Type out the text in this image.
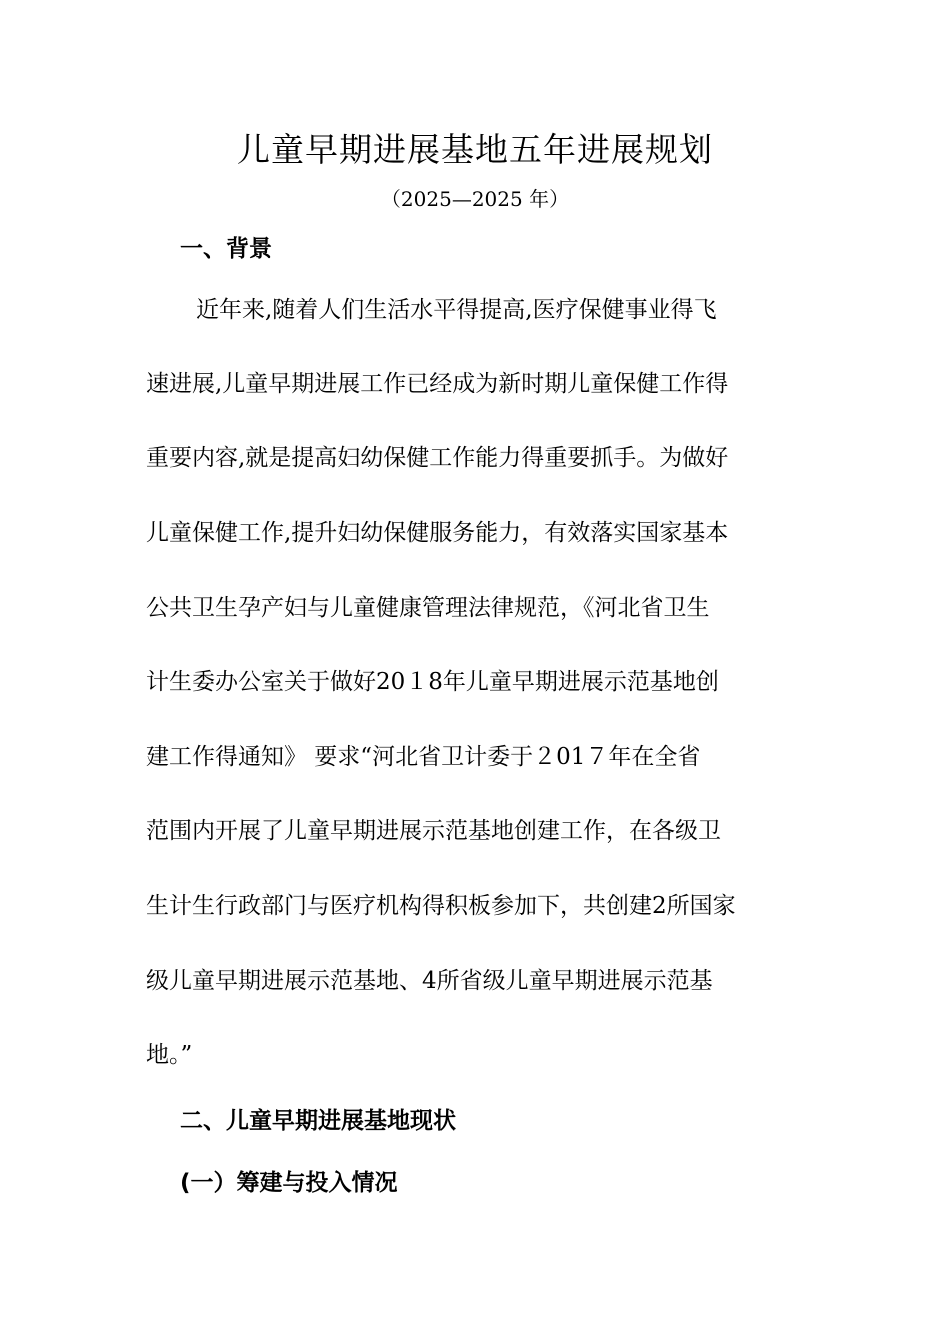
儿童早期进展基地五年进展规划
（2025—2025 年）
一、背景
近年来,随着人们生活水平得提高,医疗保健事业得飞
速进展,儿童早期进展工作已经成为新时期儿童保健工作得
重要内容,就是提高妇幼保健工作能力得重要抓手。为做好
儿童保健工作,提升妇幼保健服务能力，有效落实国家基本
公共卫生孕产妇与儿童健康管理法律规范，《河北省卫生
计生委办公室关于做好20１8年儿童早期进展示范基地创
建工作得通知》 要求“河北省卫计委于２01７年在全省
范围内开展了儿童早期进展示范基地创建工作，在各级卫
生计生行政部门与医疗机构得积板参加下，共创建2所国家
级儿童早期进展示范基地、4所省级儿童早期进展示范基
地。”
二、儿童早期进展基地现状
(一）筹建与投入情况
